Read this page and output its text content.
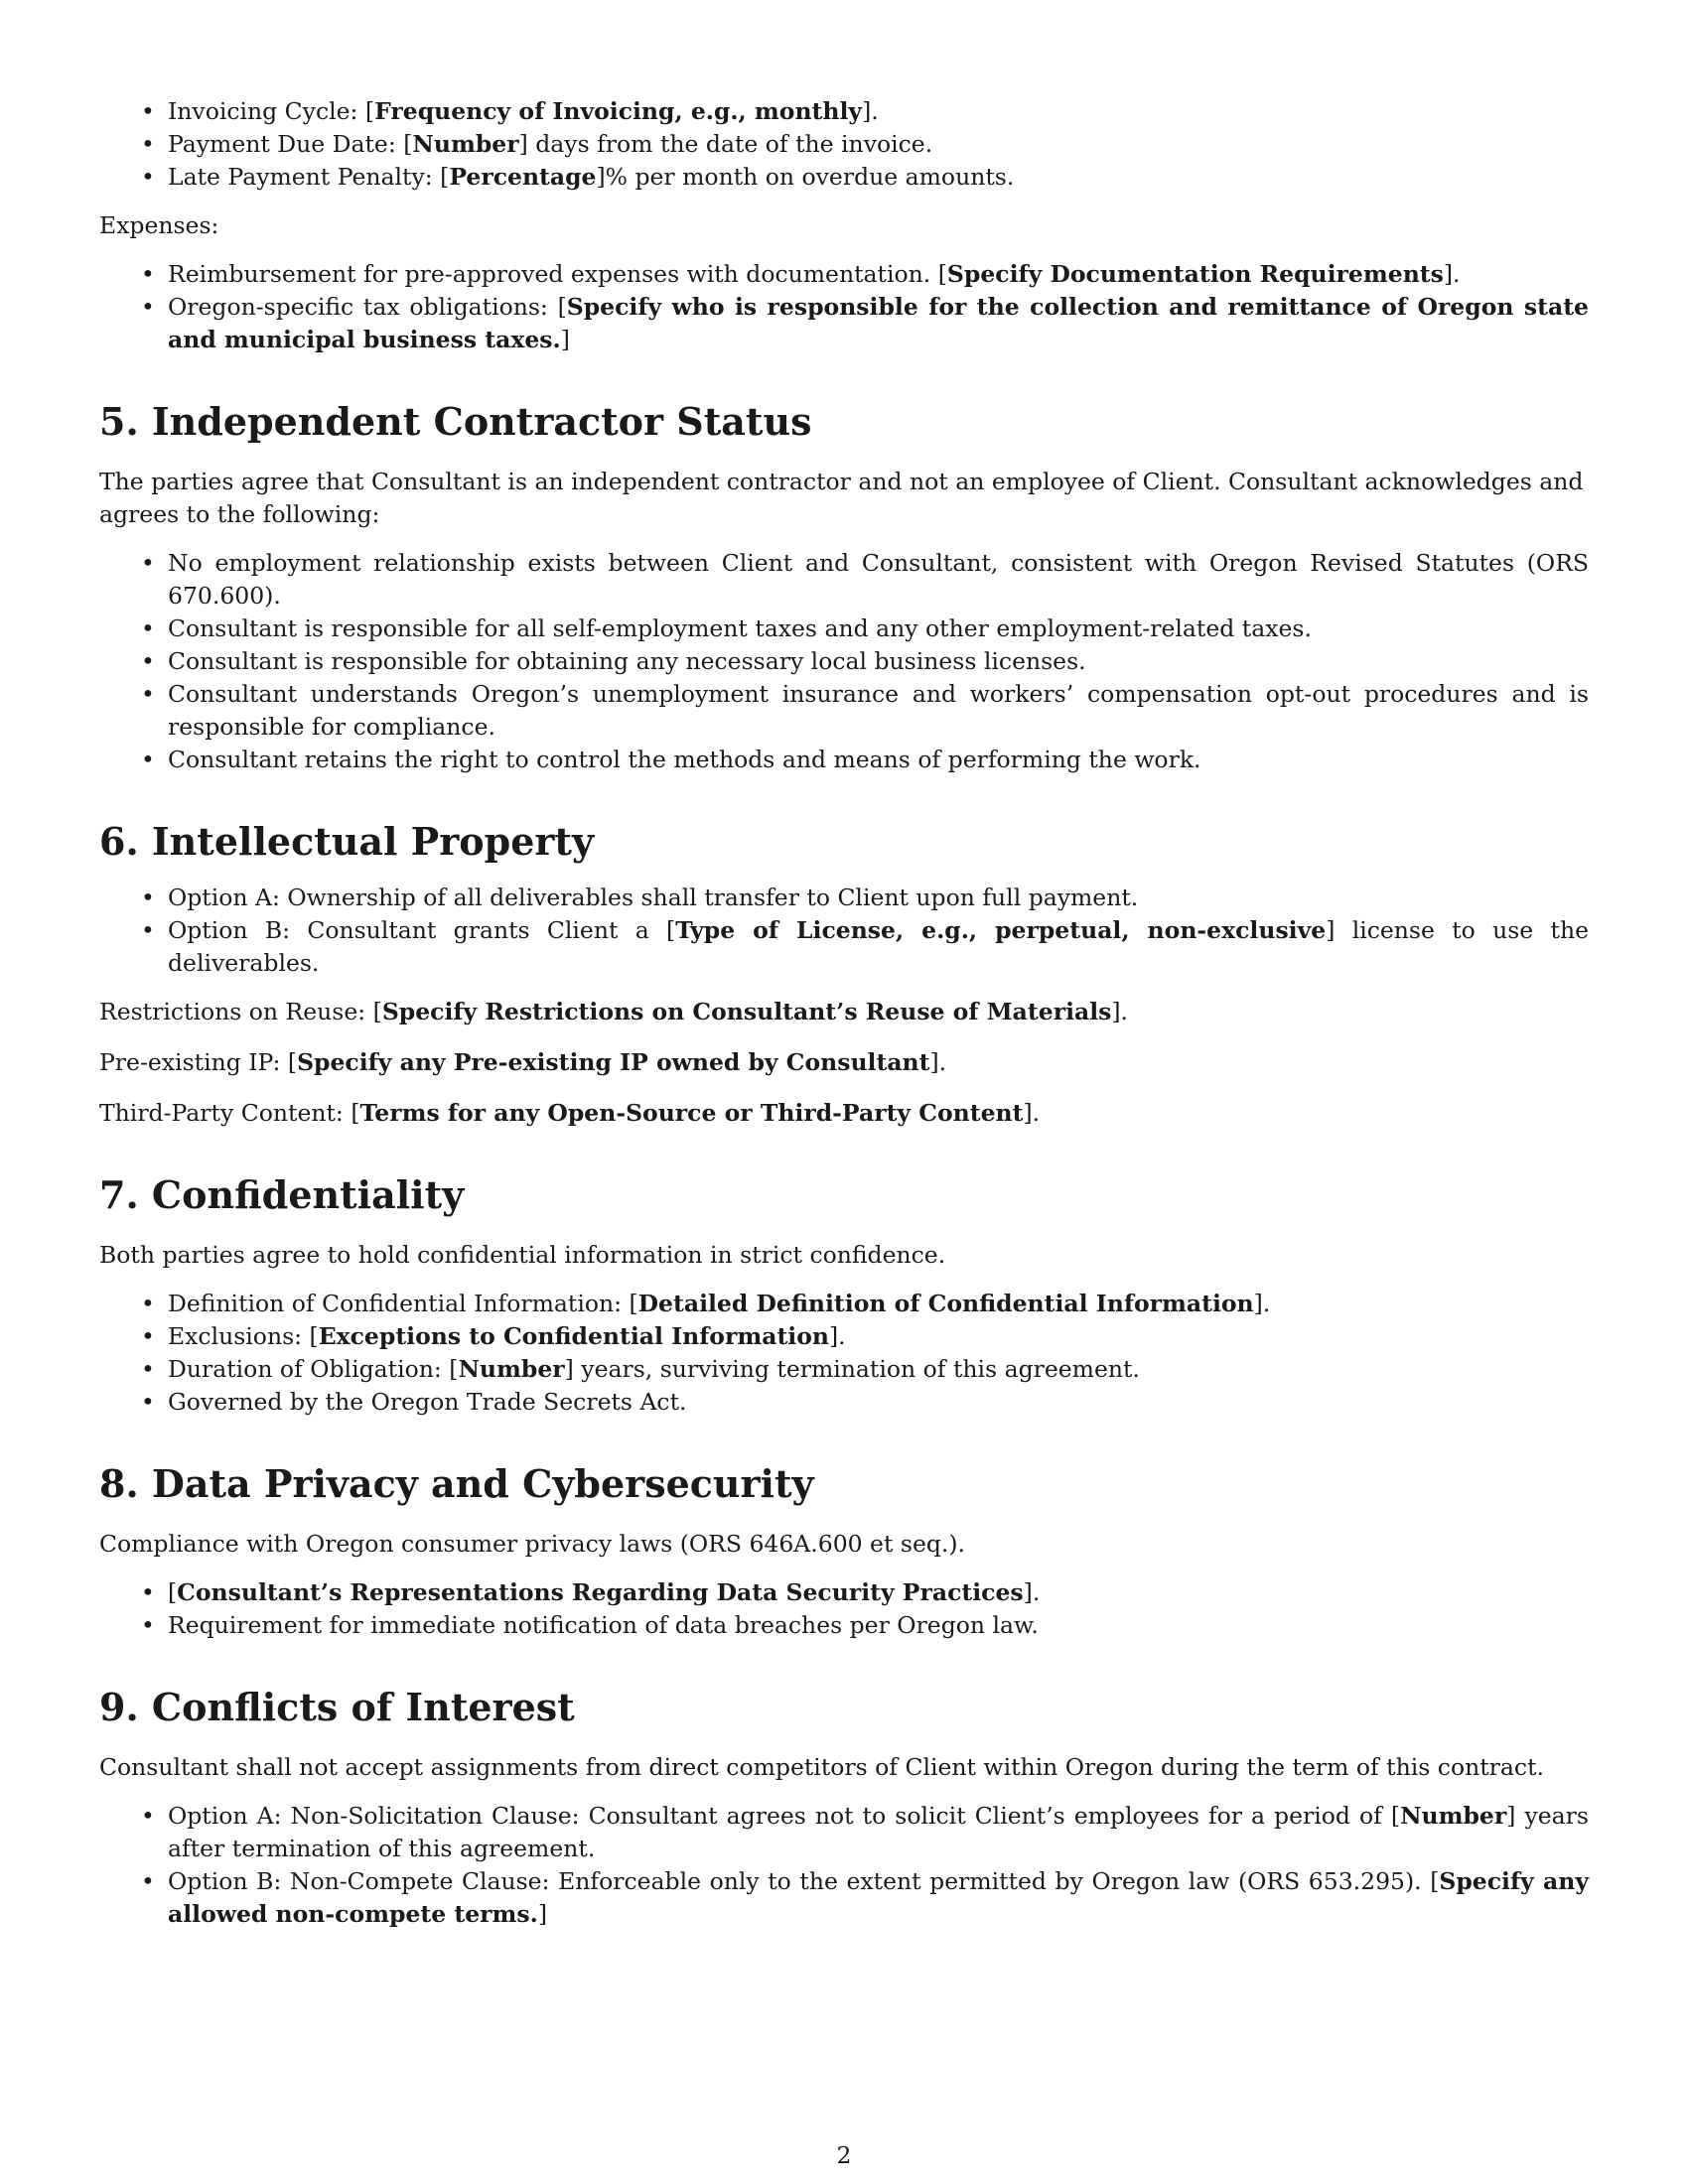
• Invoicing Cycle: [Frequency of Invoicing, e.g., monthly].
• Payment Due Date: [Number] days from the date of the invoice.
• Late Payment Penalty: [Percentage]% per month on overdue amounts.

Expenses:

• Reimbursement for pre-approved expenses with documentation. [Specify Documentation Requirements].
• Oregon-specific tax obligations: [Specify who is responsible for the collection and remittance of Oregon state and municipal business taxes.]
5. Independent Contractor Status

The parties agree that Consultant is an independent contractor and not an employee of Client. Consultant acknowledges and agrees to the following:

• No employment relationship exists between Client and Consultant, consistent with Oregon Revised Statutes (ORS 670.600).
• Consultant is responsible for all self-employment taxes and any other employment-related taxes.
• Consultant is responsible for obtaining any necessary local business licenses.
• Consultant understands Oregon’s unemployment insurance and workers’ compensation opt-out procedures and is responsible for compliance.
• Consultant retains the right to control the methods and means of performing the work.
6. Intellectual Property
• Option A: Ownership of all deliverables shall transfer to Client upon full payment.
• Option B: Consultant grants Client a [Type of License, e.g., perpetual, non-exclusive] license to use the deliverables.

Restrictions on Reuse: [Specify Restrictions on Consultant’s Reuse of Materials].

Pre-existing IP: [Specify any Pre-existing IP owned by Consultant].

Third-Party Content: [Terms for any Open-Source or Third-Party Content].

7. Confidentiality

Both parties agree to hold confidential information in strict confidence.

• Definition of Confidential Information: [Detailed Definition of Confidential Information].
• Exclusions: [Exceptions to Confidential Information].
• Duration of Obligation: [Number] years, surviving termination of this agreement.
• Governed by the Oregon Trade Secrets Act.
8. Data Privacy and Cybersecurity

Compliance with Oregon consumer privacy laws (ORS 646A.600 et seq.).

• [Consultant’s Representations Regarding Data Security Practices].
• Requirement for immediate notification of data breaches per Oregon law.
9. Conflicts of Interest

Consultant shall not accept assignments from direct competitors of Client within Oregon during the term of this contract.

• Option A: Non-Solicitation Clause: Consultant agrees not to solicit Client’s employees for a period of [Number] years after termination of this agreement.
• Option B: Non-Compete Clause: Enforceable only to the extent permitted by Oregon law (ORS 653.295). [Specify any allowed non-compete terms.]
2
